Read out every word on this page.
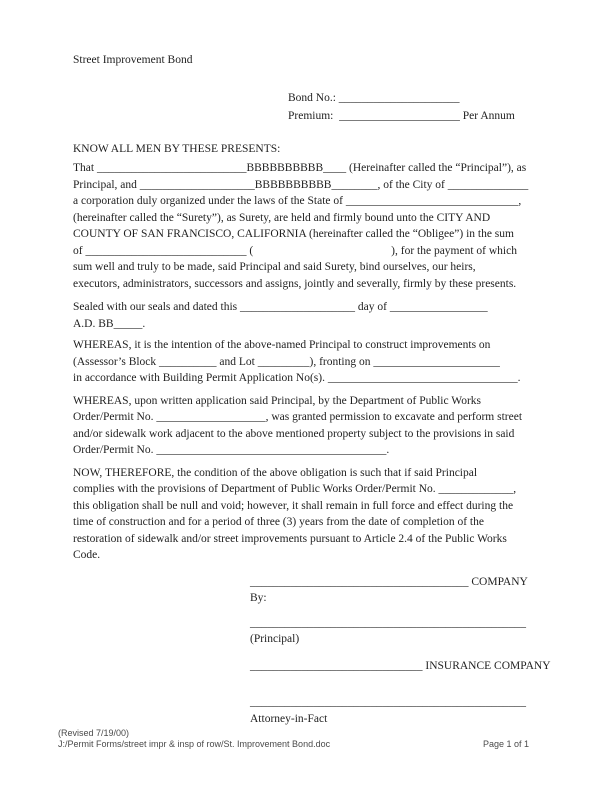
Street Improvement Bond
Bond No.: _____________________
Premium:  _____________________ Per Annum
KNOW ALL MEN BY THESE PRESENTS:
That __________________________BBBBBBBBBB____ (Hereinafter called the “Principal”), as
Principal, and ____________________BBBBBBBBBB________, of the City of ______________
a corporation duly organized under the laws of the State of ______________________________,
(hereinafter called the “Surety”), as Surety, are held and firmly bound unto the CITY AND
COUNTY OF SAN FRANCISCO, CALIFORNIA (hereinafter called the “Obligee”) in the sum
of ____________________________ (                                                ), for the payment of which
sum well and truly to be made, said Principal and said Surety, bind ourselves, our heirs,
executors, administrators, successors and assigns, jointly and severally, firmly by these presents.
Sealed with our seals and dated this ____________________ day of _________________
A.D. BB_____.
WHEREAS, it is the intention of the above-named Principal to construct improvements on
(Assessor’s Block __________ and Lot _________), fronting on ______________________
in accordance with Building Permit Application No(s). _________________________________.
WHEREAS, upon written application said Principal, by the Department of Public Works
Order/Permit No. ___________________, was granted permission to excavate and perform street
and/or sidewalk work adjacent to the above mentioned property subject to the provisions in said
Order/Permit No. ________________________________________.
NOW, THEREFORE, the condition of the above obligation is such that if said Principal
complies with the provisions of Department of Public Works Order/Permit No. _____________,
this obligation shall be null and void; however, it shall remain in full force and effect during the
time of construction and for a period of three (3) years from the date of completion of the
restoration of sidewalk and/or street improvements pursuant to Article 2.4 of the Public Works
Code.
______________________________________ COMPANY
By:
________________________________________________
(Principal)
______________________________ INSURANCE COMPANY
________________________________________________
Attorney-in-Fact
(Revised 7/19/00)
J:/Permit Forms/street impr & insp of row/St. Improvement Bond.doc	Page 1 of 1
